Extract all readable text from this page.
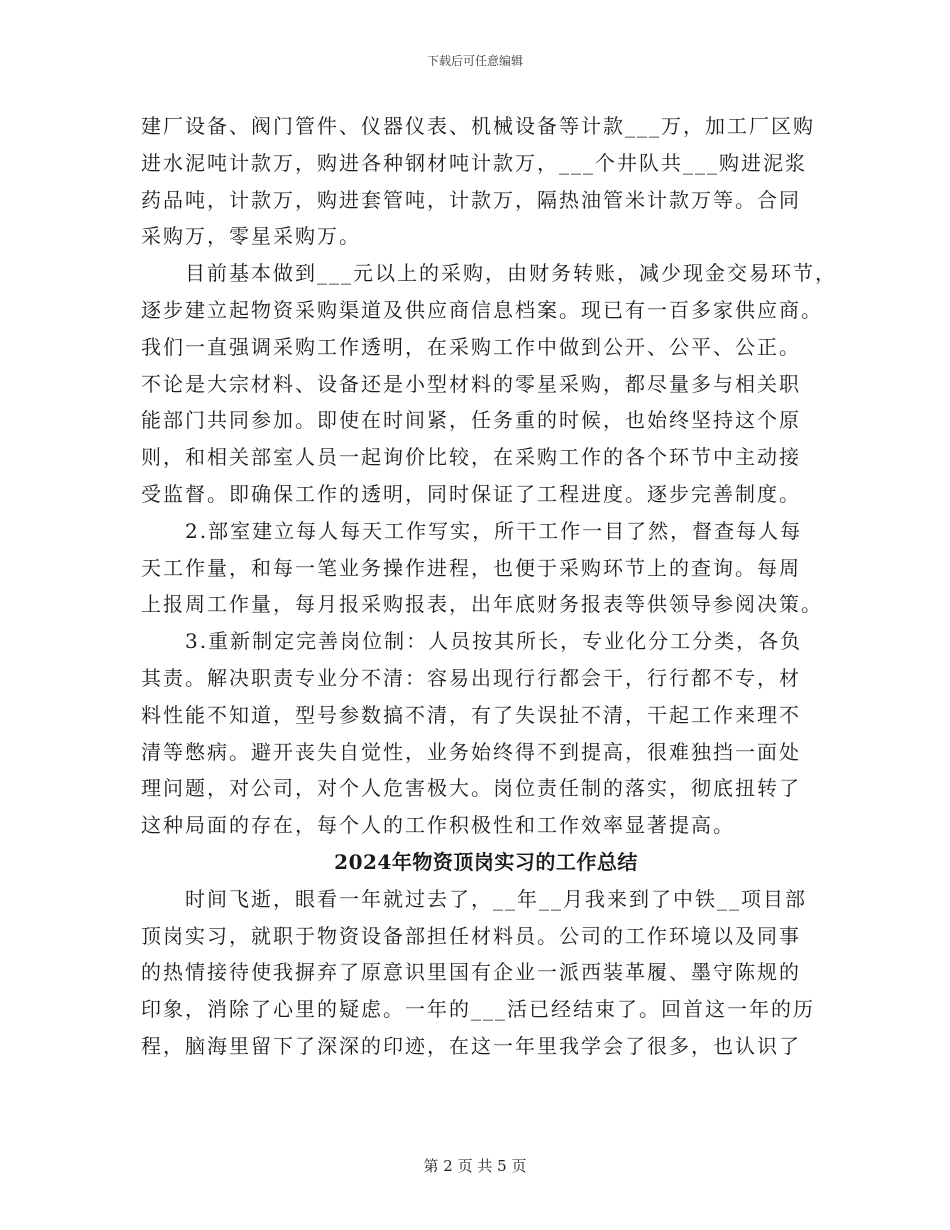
下载后可任意编辑
建厂设备、阀门管件、仪器仪表、机械设备等计款___万，加工厂区购
进水泥吨计款万，购进各种钢材吨计款万，___个井队共___购进泥浆
药品吨，计款万，购进套管吨，计款万，隔热油管米计款万等。合同
采购万，零星采购万。
　　目前基本做到___元以上的采购，由财务转账，减少现金交易环节，
逐步建立起物资采购渠道及供应商信息档案。现已有一百多家供应商。
我们一直强调采购工作透明，在采购工作中做到公开、公平、公正。
不论是大宗材料、设备还是小型材料的零星采购，都尽量多与相关职
能部门共同参加。即使在时间紧，任务重的时候，也始终坚持这个原
则，和相关部室人员一起询价比较，在采购工作的各个环节中主动接
受监督。即确保工作的透明，同时保证了工程进度。逐步完善制度。
　　2.部室建立每人每天工作写实，所干工作一目了然，督查每人每
天工作量，和每一笔业务操作进程，也便于采购环节上的查询。每周
上报周工作量，每月报采购报表，出年底财务报表等供领导参阅决策。
　　3.重新制定完善岗位制：人员按其所长，专业化分工分类，各负
其责。解决职责专业分不清：容易出现行行都会干，行行都不专，材
料性能不知道，型号参数搞不清，有了失误扯不清，干起工作来理不
清等憋病。避开丧失自觉性，业务始终得不到提高，很难独挡一面处
理问题，对公司，对个人危害极大。岗位责任制的落实，彻底扭转了
这种局面的存在，每个人的工作积极性和工作效率显著提高。
2024年物资顶岗实习的工作总结
　　时间飞逝，眼看一年就过去了，__年__月我来到了中铁__项目部
顶岗实习，就职于物资设备部担任材料员。公司的工作环境以及同事
的热情接待使我摒弃了原意识里国有企业一派西装革履、墨守陈规的
印象，消除了心里的疑虑。一年的___活已经结束了。回首这一年的历
程，脑海里留下了深深的印迹，在这一年里我学会了很多，也认识了
第 2 页 共 5 页
